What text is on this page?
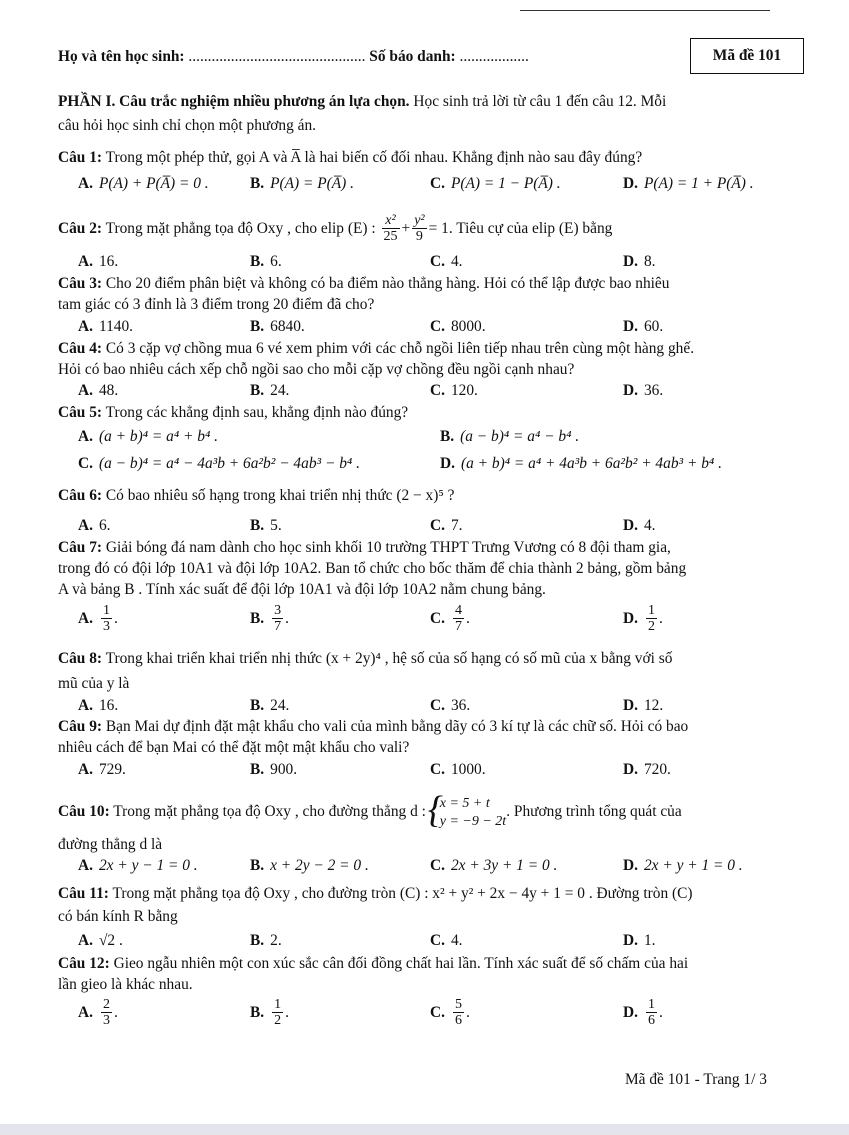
Họ và tên học sinh: .............................................. Số báo danh: ..................	Mã đề 101
PHẦN I. Câu trắc nghiệm nhiều phương án lựa chọn. Học sinh trả lời từ câu 1 đến câu 12. Mỗi
câu hỏi học sinh chỉ chọn một phương án.
Câu 1: Trong một phép thử, gọi A và A̅ là hai biến cố đối nhau. Khẳng định nào sau đây đúng?
A. P(A) + P(A̅) = 0 .	B. P(A) = P(A̅) .	C. P(A) = 1 − P(A̅) .	D. P(A) = 1 + P(A̅) .
Câu 2: Trong mặt phẳng tọa độ Oxy , cho elip (E) : $\frac{\text{x²}}{25} + \frac{\text{y²}}{9} = 1$. Tiêu cự của elip (E) bằng
A. 16.	B. 6.	C. 4.	D. 8.
Câu 3: Cho 20 điểm phân biệt và không có ba điểm nào thẳng hàng. Hỏi có thể lập được bao nhiêu
tam giác có 3 đỉnh là 3 điểm trong 20 điểm đã cho?
A. 1140.	B. 6840.	C. 8000.	D. 60.
Câu 4: Có 3 cặp vợ chồng mua 6 vé xem phim với các chỗ ngồi liên tiếp nhau trên cùng một hàng ghế.
Hỏi có bao nhiêu cách xếp chỗ ngồi sao cho mỗi cặp vợ chồng đều ngồi cạnh nhau?
A. 48.	B. 24.	C. 120.	D. 36.
Câu 5: Trong các khẳng định sau, khẳng định nào đúng?
A. (a + b)⁴ = a⁴ + b⁴ .	B. (a − b)⁴ = a⁴ − b⁴ .
C. (a − b)⁴ = a⁴ − 4a³b + 6a²b² − 4ab³ − b⁴ .	D. (a + b)⁴ = a⁴ + 4a³b + 6a²b² + 4ab³ + b⁴ .
Câu 6: Có bao nhiêu số hạng trong khai triển nhị thức (2 − x)⁵ ?
A. 6.	B. 5.	C. 7.	D. 4.
Câu 7: Giải bóng đá nam dành cho học sinh khối 10 trường THPT Trưng Vương có 8 đội tham gia,
trong đó có đội lớp 10A1 và đội lớp 10A2. Ban tổ chức cho bốc thăm để chia thành 2 bảng, gồm bảng
A và bảng B . Tính xác suất để đội lớp 10A1 và đội lớp 10A2 nằm chung bảng.
A. $\frac{1}{3}$ .	B. $\frac{3}{7}$ .	C. $\frac{4}{7}$ .	D. $\frac{1}{2}$ .
Câu 8: Trong khai triển khai triển nhị thức (x + 2y)⁴ , hệ số của số hạng có số mũ của x bằng với số
mũ của y là
A. 16.	B. 24.	C. 36.	D. 12.
Câu 9: Bạn Mai dự định đặt mật khẩu cho vali của mình bằng dãy có 3 kí tự là các chữ số. Hỏi có bao
nhiêu cách để bạn Mai có thể đặt một mật khẩu cho vali?
A. 729.	B. 900.	C. 1000.	D. 720.
Câu 10: Trong mặt phẳng tọa độ Oxy , cho đường thẳng d : { x = 5 + t
y = −9 − 2t
. Phương trình tổng quát của
đường thẳng d là
A. 2x + y − 1 = 0 .	B. x + 2y − 2 = 0 .	C. 2x + 3y + 1 = 0 .	D. 2x + y + 1 = 0 .
Câu 11: Trong mặt phẳng tọa độ Oxy , cho đường tròn (C) : x² + y² + 2x − 4y + 1 = 0 . Đường tròn (C)
có bán kính R bằng
A. √2 .	B. 2.	C. 4.	D. 1.
Câu 12: Gieo ngẫu nhiên một con xúc sắc cân đối đồng chất hai lần. Tính xác suất để số chấm của hai
lần gieo là khác nhau.
A. $\frac{2}{3}$ .	B. $\frac{1}{2}$ .	C. $\frac{5}{6}$ .	D. $\frac{1}{6}$ .
Mã đề 101 - Trang 1/ 3
